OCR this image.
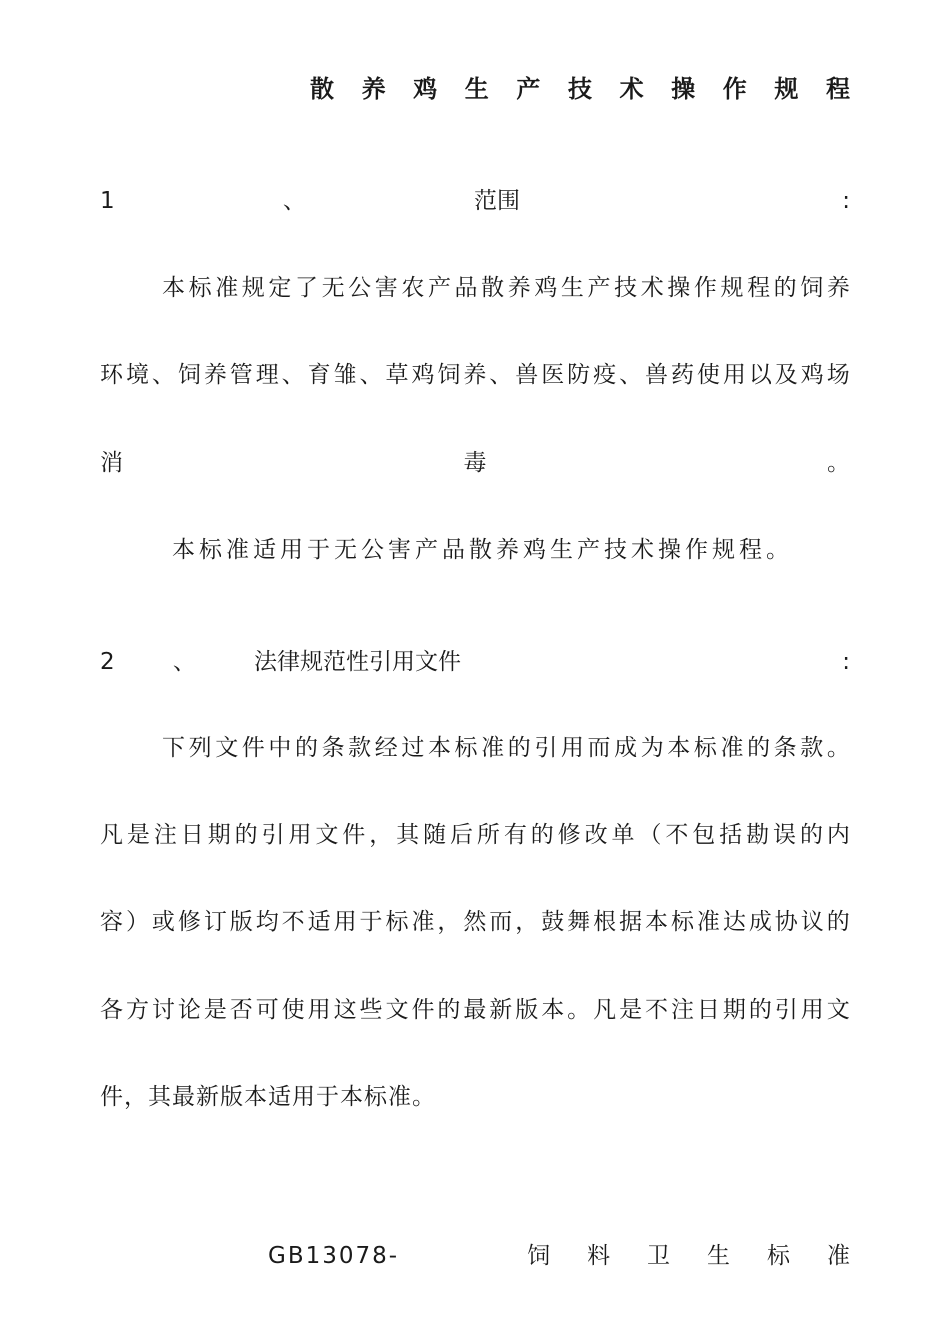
散 养 鸡 生 产 技 术 操 作 规 程
1	、	范围	:
本 标 准 规 定 了 无 公 害 农 产 品 散 养 鸡 生 产 技 术 操 作 规 程 的 饲 养
环 境 、 饲 养 管 理 、 育 雏 、 草 鸡 饲 养 、 兽 医 防 疫 、 兽 药 使 用 以 及 鸡 场
消	毒	。
本标准适用于无公害产品散养鸡生产技术操作规程。
2	、	法律规范性引用文件	:
下 列 文 件 中 的 条 款 经 过 本 标 准 的 引 用 而 成 为 本 标 准 的 条 款 。
凡 是 注 日 期 的 引 用 文 件 ， 其 随 后 所 有 的 修 改 单 （ 不 包 括 勘 误 的 内
容 ） 或 修 订 版 均 不 适 用 于 标 准 ， 然 而 ， 鼓 舞 根 据 本 标 准 达 成 协 议 的
各 方 讨 论 是 否 可 使 用 这 些 文 件 的 最 新 版 本 。 凡 是 不 注 日 期 的 引 用 文
件，其最新版本适用于本标准。
GB13078-	饲 料 卫 生 标 准
